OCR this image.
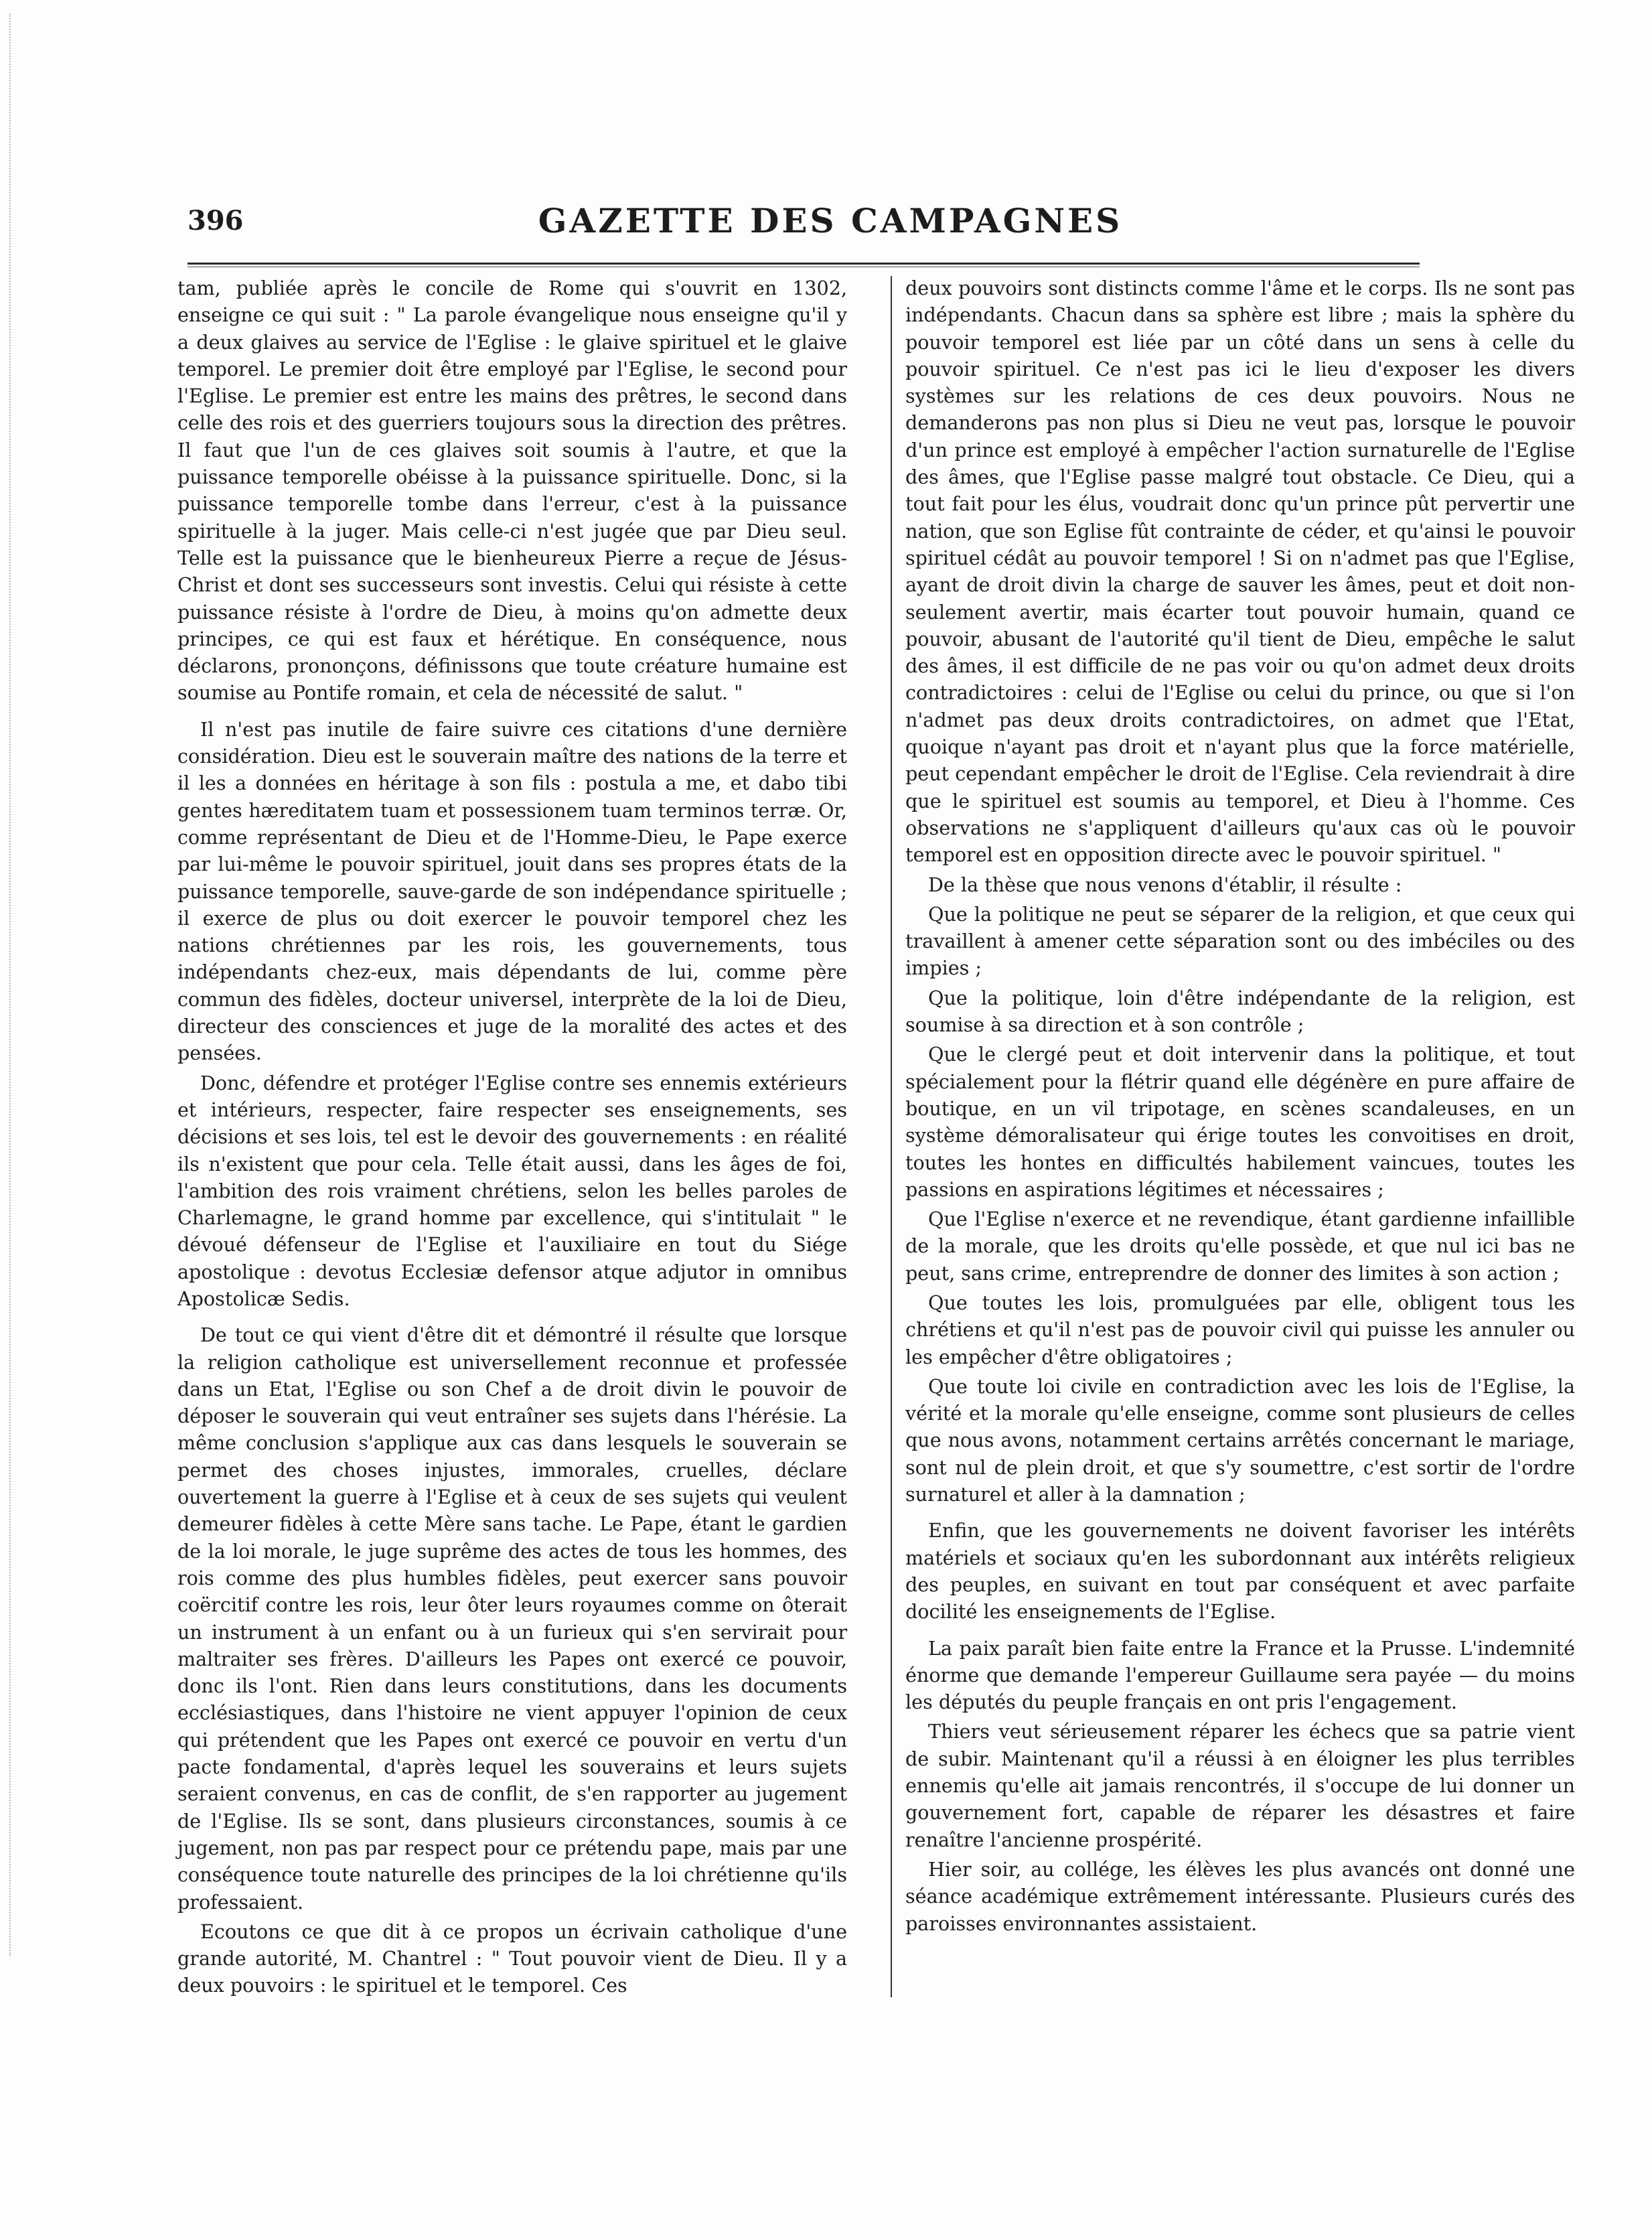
396	GAZETTE DES CAMPAGNES

tam, publiée après le concile de Rome qui s'ouvrit en 1302, enseigne ce qui suit : " La parole évangelique nous enseigne qu'il y a deux glaives au service de l'Eglise : le glaive spirituel et le glaive temporel. Le premier doit être employé par l'Eglise, le second pour l'Eglise. Le premier est entre les mains des prêtres, le second dans celle des rois et des guerriers toujours sous la direction des prêtres. Il faut que l'un de ces glaives soit soumis à l'autre, et que la puissance temporelle obéisse à la puissance spirituelle. Donc, si la puissance temporelle tombe dans l'erreur, c'est à la puissance spirituelle à la juger. Mais celle-ci n'est jugée que par Dieu seul. Telle est la puissance que le bienheureux Pierre a reçue de Jésus-Christ et dont ses successeurs sont investis. Celui qui résiste à cette puissance résiste à l'ordre de Dieu, à moins qu'on admette deux principes, ce qui est faux et hérétique. En conséquence, nous déclarons, prononçons, définissons que toute créature humaine est soumise au Pontife romain, et cela de nécessité de salut. "

Il n'est pas inutile de faire suivre ces citations d'une dernière considération. Dieu est le souverain maître des nations de la terre et il les a données en héritage à son fils : postula a me, et dabo tibi gentes hæreditatem tuam et possessionem tuam terminos terræ. Or, comme représentant de Dieu et de l'Homme-Dieu, le Pape exerce par lui-même le pouvoir spirituel, jouit dans ses propres états de la puissance temporelle, sauve-garde de son indépendance spirituelle ; il exerce de plus ou doit exercer le pouvoir temporel chez les nations chrétiennes par les rois, les gouvernements, tous indépendants chez-eux, mais dépendants de lui, comme père commun des fidèles, docteur universel, interprète de la loi de Dieu, directeur des consciences et juge de la moralité des actes et des pensées.

Donc, défendre et protéger l'Eglise contre ses ennemis extérieurs et intérieurs, respecter, faire respecter ses enseignements, ses décisions et ses lois, tel est le devoir des gouvernements : en réalité ils n'existent que pour cela. Telle était aussi, dans les âges de foi, l'ambition des rois vraiment chrétiens, selon les belles paroles de Charlemagne, le grand homme par excellence, qui s'intitulait " le dévoué défenseur de l'Eglise et l'auxiliaire en tout du Siége apostolique : devotus Ecclesiæ defensor atque adjutor in omnibus Apostolicæ Sedis.

De tout ce qui vient d'être dit et démontré il résulte que lorsque la religion catholique est universellement reconnue et professée dans un Etat, l'Eglise ou son Chef a de droit divin le pouvoir de déposer le souverain qui veut entraîner ses sujets dans l'hérésie. La même conclusion s'applique aux cas dans lesquels le souverain se permet des choses injustes, immorales, cruelles, déclare ouvertement la guerre à l'Eglise et à ceux de ses sujets qui veulent demeurer fidèles à cette Mère sans tache. Le Pape, étant le gardien de la loi morale, le juge suprême des actes de tous les hommes, des rois comme des plus humbles fidèles, peut exercer sans pouvoir coërcitif contre les rois, leur ôter leurs royaumes comme on ôterait un instrument à un enfant ou à un furieux qui s'en servirait pour maltraiter ses frères. D'ailleurs les Papes ont exercé ce pouvoir, donc ils l'ont. Rien dans leurs constitutions, dans les documents ecclésiastiques, dans l'histoire ne vient appuyer l'opinion de ceux qui prétendent que les Papes ont exercé ce pouvoir en vertu d'un pacte fondamental, d'après lequel les souverains et leurs sujets seraient convenus, en cas de conflit, de s'en rapporter au jugement de l'Eglise. Ils se sont, dans plusieurs circonstances, soumis à ce jugement, non pas par respect pour ce prétendu pape, mais par une conséquence toute naturelle des principes de la loi chrétienne qu'ils professaient.

Ecoutons ce que dit à ce propos un écrivain catholique d'une grande autorité, M. Chantrel : " Tout pouvoir vient de Dieu. Il y a deux pouvoirs : le spirituel et le temporel. Ces

deux pouvoirs sont distincts comme l'âme et le corps. Ils ne sont pas indépendants. Chacun dans sa sphère est libre ; mais la sphère du pouvoir temporel est liée par un côté dans un sens à celle du pouvoir spirituel. Ce n'est pas ici le lieu d'exposer les divers systèmes sur les relations de ces deux pouvoirs. Nous ne demanderons pas non plus si Dieu ne veut pas, lorsque le pouvoir d'un prince est employé à empêcher l'action surnaturelle de l'Eglise des âmes, que l'Eglise passe malgré tout obstacle. Ce Dieu, qui a tout fait pour les élus, voudrait donc qu'un prince pût pervertir une nation, que son Eglise fût contrainte de céder, et qu'ainsi le pouvoir spirituel cédât au pouvoir temporel ! Si on n'admet pas que l'Eglise, ayant de droit divin la charge de sauver les âmes, peut et doit non-seulement avertir, mais écarter tout pouvoir humain, quand ce pouvoir, abusant de l'autorité qu'il tient de Dieu, empêche le salut des âmes, il est difficile de ne pas voir ou qu'on admet deux droits contradictoires : celui de l'Eglise ou celui du prince, ou que si l'on n'admet pas deux droits contradictoires, on admet que l'Etat, quoique n'ayant pas droit et n'ayant plus que la force matérielle, peut cependant empêcher le droit de l'Eglise. Cela reviendrait à dire que le spirituel est soumis au temporel, et Dieu à l'homme. Ces observations ne s'appliquent d'ailleurs qu'aux cas où le pouvoir temporel est en opposition directe avec le pouvoir spirituel. "

De la thèse que nous venons d'établir, il résulte :

Que la politique ne peut se séparer de la religion, et que ceux qui travaillent à amener cette séparation sont ou des imbéciles ou des impies ;

Que la politique, loin d'être indépendante de la religion, est soumise à sa direction et à son contrôle ;

Que le clergé peut et doit intervenir dans la politique, et tout spécialement pour la flétrir quand elle dégénère en pure affaire de boutique, en un vil tripotage, en scènes scandaleuses, en un système démoralisateur qui érige toutes les convoitises en droit, toutes les hontes en difficultés habilement vaincues, toutes les passions en aspirations légitimes et nécessaires ;

Que l'Eglise n'exerce et ne revendique, étant gardienne infaillible de la morale, que les droits qu'elle possède, et que nul ici bas ne peut, sans crime, entreprendre de donner des limites à son action ;

Que toutes les lois, promulguées par elle, obligent tous les chrétiens et qu'il n'est pas de pouvoir civil qui puisse les annuler ou les empêcher d'être obligatoires ;

Que toute loi civile en contradiction avec les lois de l'Eglise, la vérité et la morale qu'elle enseigne, comme sont plusieurs de celles que nous avons, notamment certains arrêtés concernant le mariage, sont nul de plein droit, et que s'y soumettre, c'est sortir de l'ordre surnaturel et aller à la damnation ;

Enfin, que les gouvernements ne doivent favoriser les intérêts matériels et sociaux qu'en les subordonnant aux intérêts religieux des peuples, en suivant en tout par conséquent et avec parfaite docilité les enseignements de l'Eglise.

La paix paraît bien faite entre la France et la Prusse. L'indemnité énorme que demande l'empereur Guillaume sera payée — du moins les députés du peuple français en ont pris l'engagement.

Thiers veut sérieusement réparer les échecs que sa patrie vient de subir. Maintenant qu'il a réussi à en éloigner les plus terribles ennemis qu'elle ait jamais rencontrés, il s'occupe de lui donner un gouvernement fort, capable de réparer les désastres et faire renaître l'ancienne prospérité.

Hier soir, au collége, les élèves les plus avancés ont donné une séance académique extrêmement intéressante. Plusieurs curés des paroisses environnantes assistaient.
